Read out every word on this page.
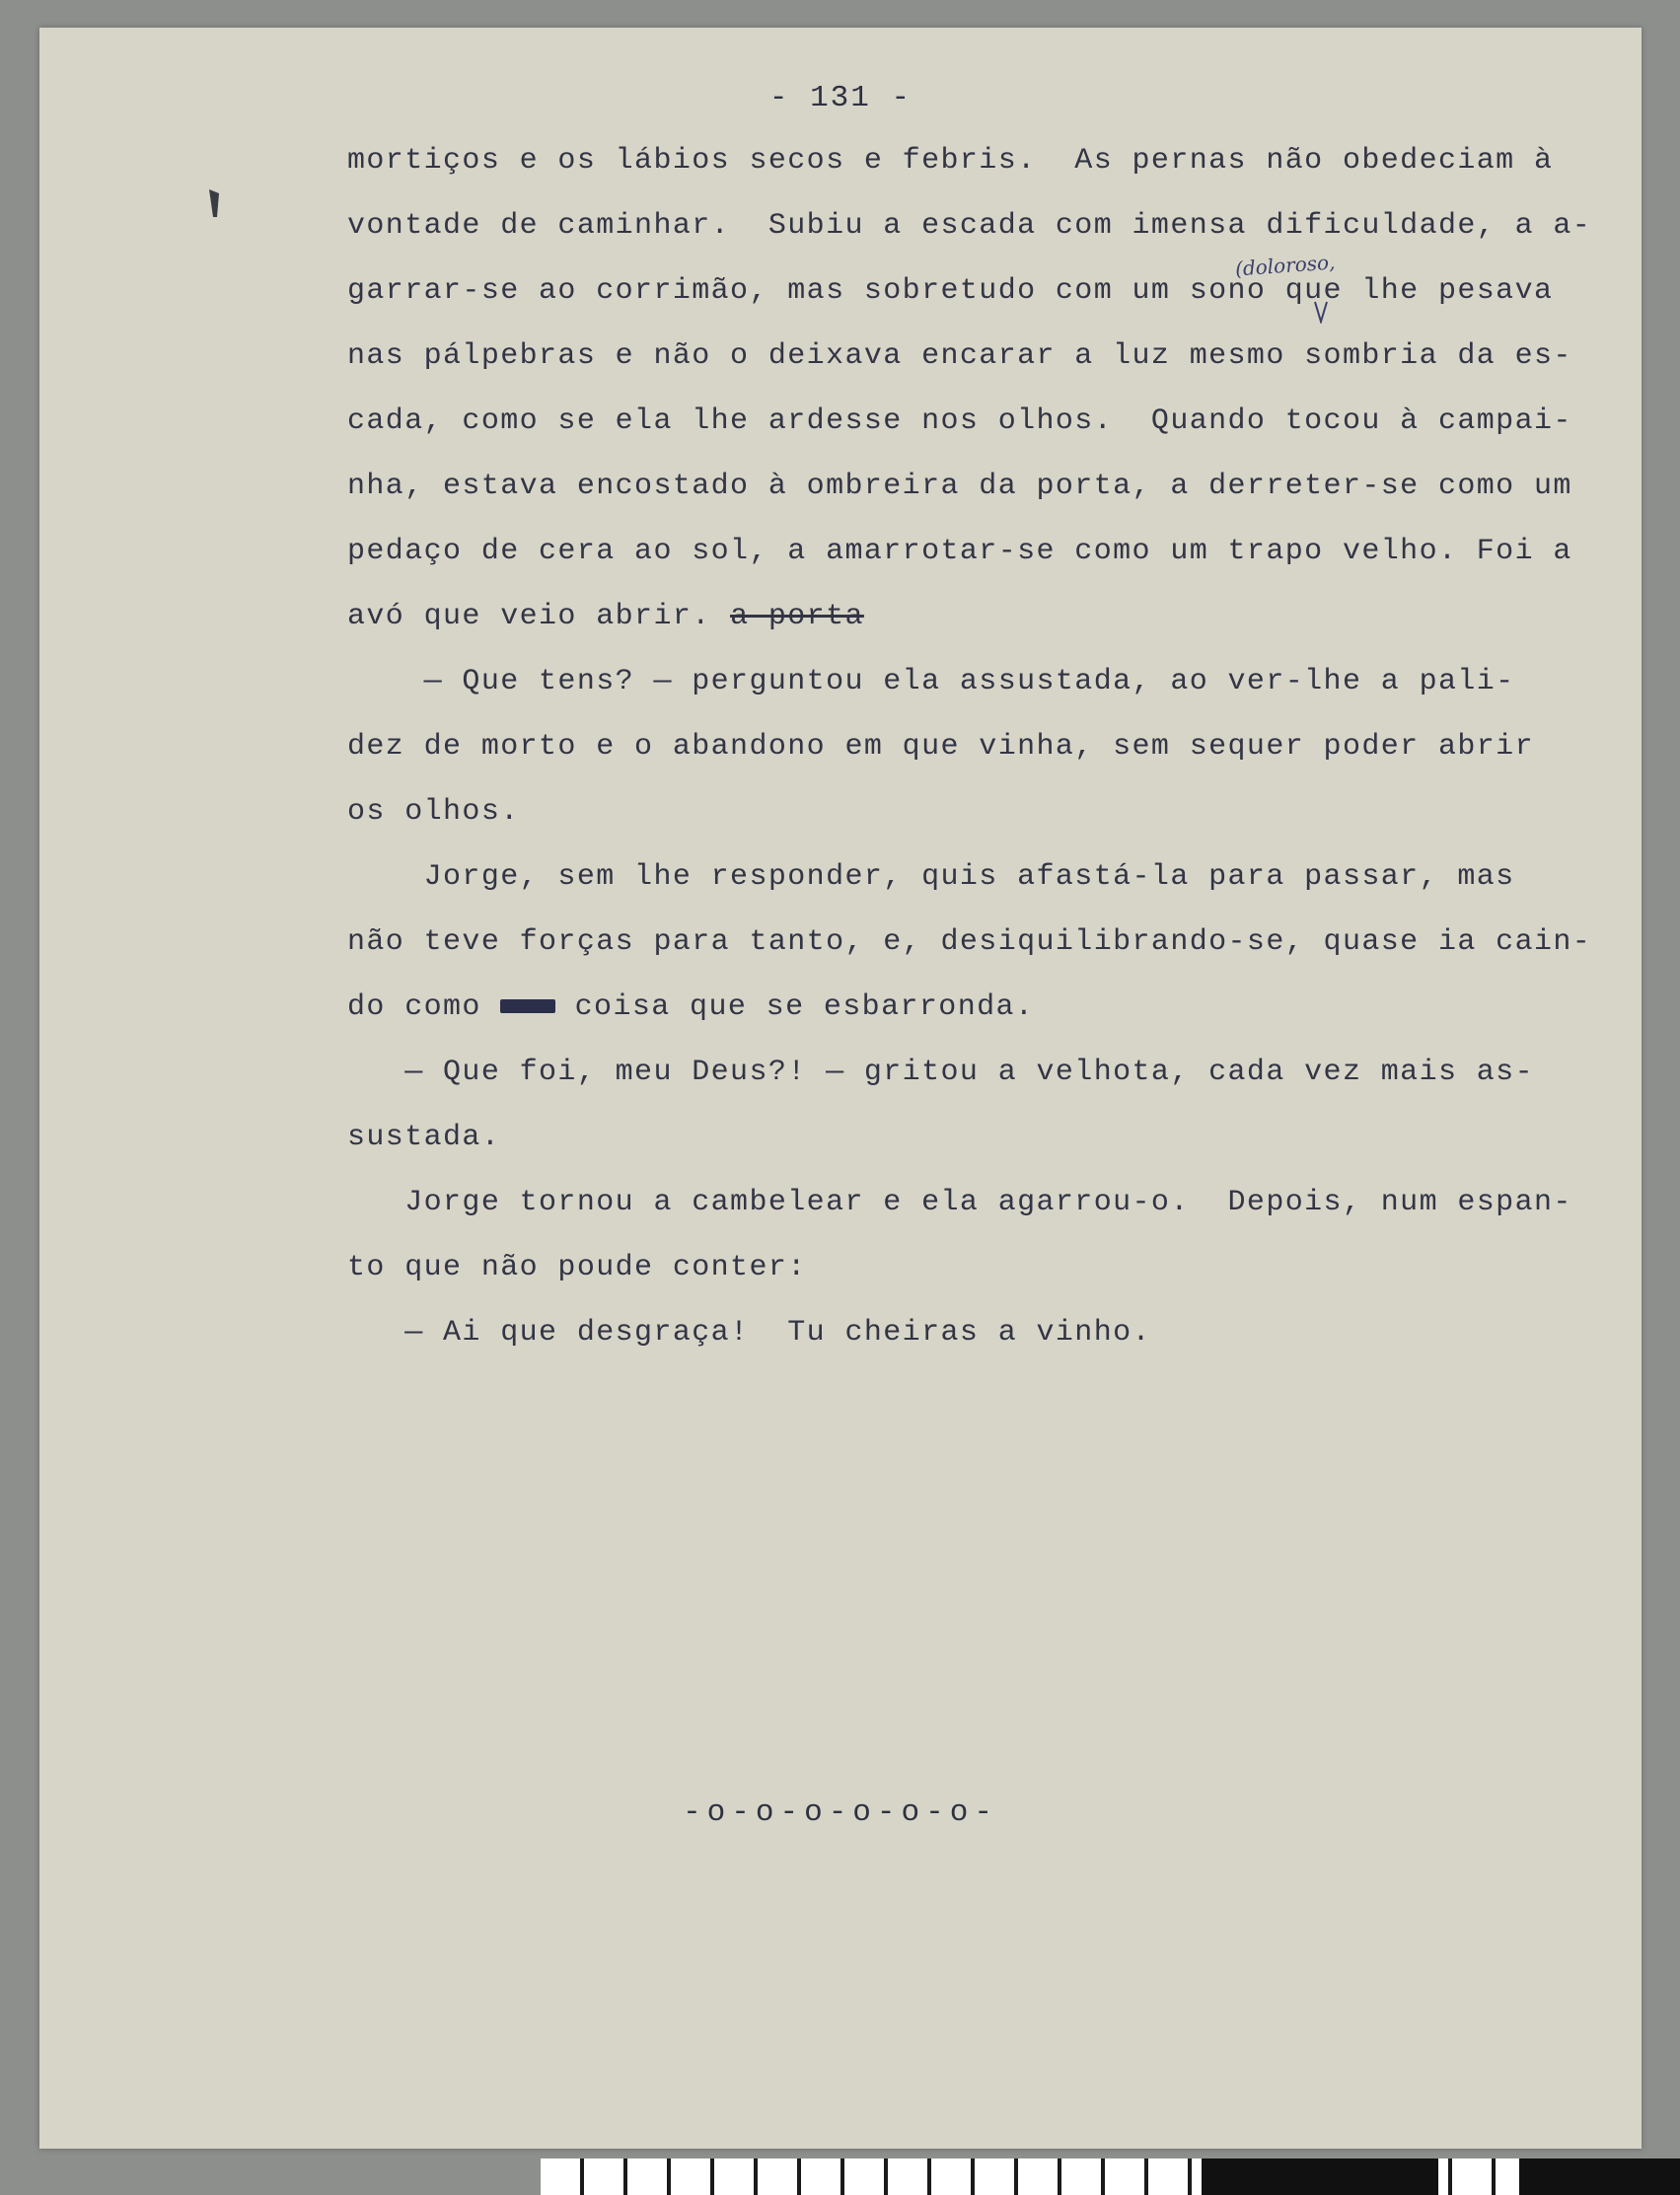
- 131 -
(doloroso,
mortiços e os lábios secos e febris.  As pernas não obedeciam à
vontade de caminhar.  Subiu a escada com imensa dificuldade, a a-
garrar-se ao corrimão, mas sobretudo com um sono que lhe pesava
nas pálpebras e não o deixava encarar a luz mesmo sombria da es-
cada, como se ela lhe ardesse nos olhos.  Quando tocou à campai-
nha, estava encostado à ombreira da porta, a derreter-se como um
pedaço de cera ao sol, a amarrotar-se como um trapo velho. Foi a
avó que veio abrir. a porta
— Que tens? — perguntou ela assustada, ao ver-lhe a pali-
dez de morto e o abandono em que vinha, sem sequer poder abrir
os olhos.
Jorge, sem lhe responder, quis afastá-la para passar, mas
não teve forças para tanto, e, desiquilibrando-se, quase ia cain-
do como  coisa que se esbarronda.
— Que foi, meu Deus?! — gritou a velhota, cada vez mais as-
sustada.
Jorge tornou a cambelear e ela agarrou-o.  Depois, num espan-
to que não poude conter:
— Ai que desgraça!  Tu cheiras a vinho.
-o-o-o-o-o-o-
